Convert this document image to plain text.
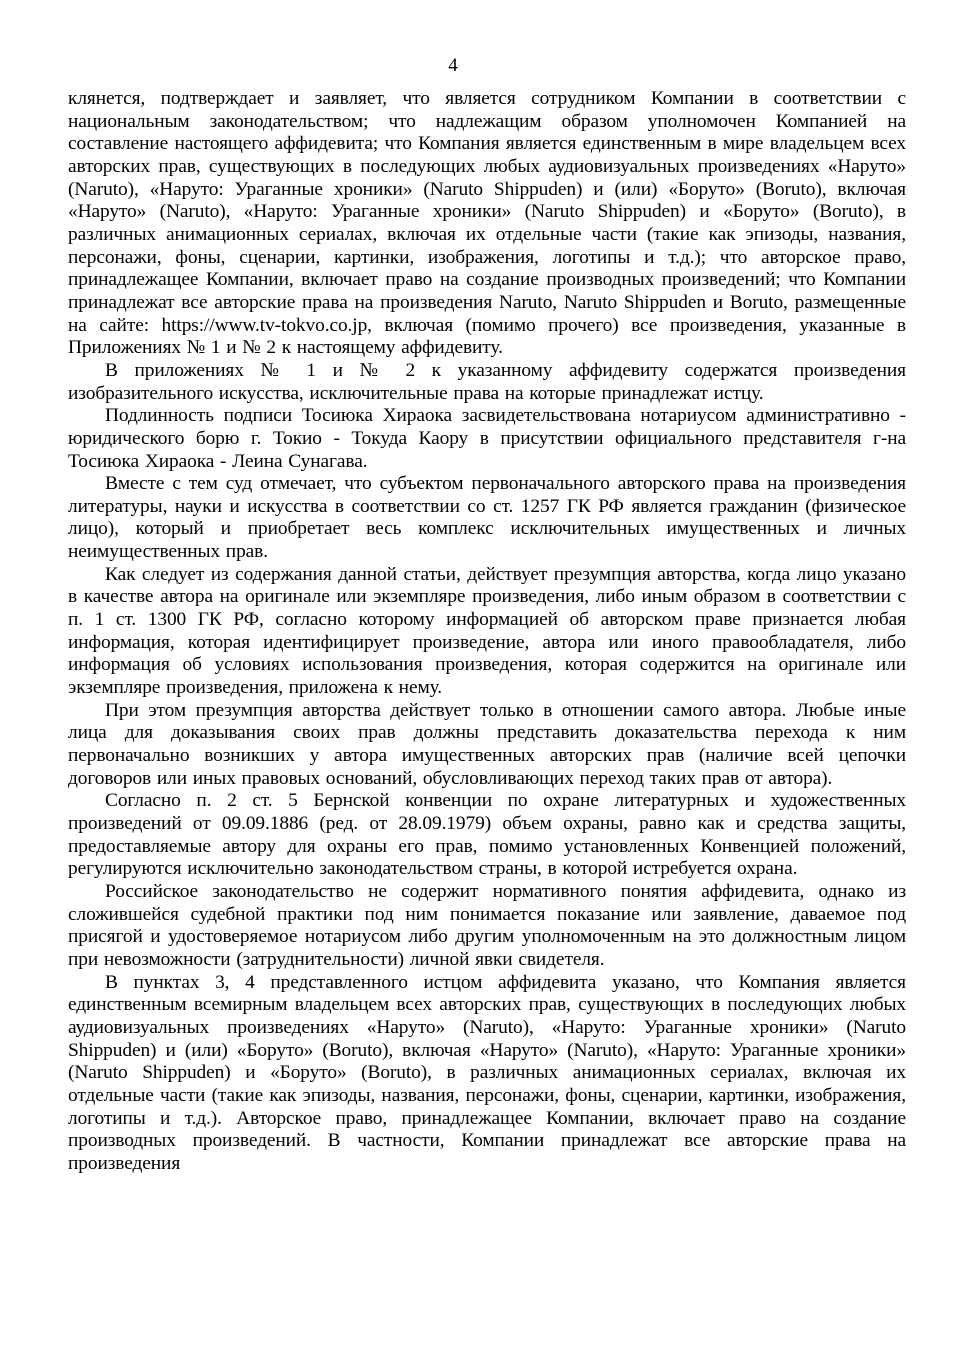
4

клянется, подтверждает и заявляет, что является сотрудником Компании в соответствии с национальным законодательством; что надлежащим образом уполномочен Компанией на составление настоящего аффидевита; что Компания является единственным в мире владельцем всех авторских прав, существующих в последующих любых аудиовизуальных произведениях «Наруто» (Naruto), «Наруто: Ураганные хроники» (Naruto Shippuden) и (или) «Боруто» (Boruto), включая «Наруто» (Naruto), «Наруто: Ураганные хроники» (Naruto Shippuden) и «Боруто» (Boruto), в различных анимационных сериалах, включая их отдельные части (такие как эпизоды, названия, персонажи, фоны, сценарии, картинки, изображения, логотипы и т.д.); что авторское право, принадлежащее Компании, включает право на создание производных произведений; что Компании принадлежат все авторские права на произведения Naruto, Naruto Shippuden и Boruto, размещенные на сайте: https://www.tv-tokvo.co.jp, включая (помимо прочего) все произведения, указанные в Приложениях № 1 и № 2 к настоящему аффидевиту.

В приложениях № 1 и № 2 к указанному аффидевиту содержатся произведения изобразительного искусства, исключительные права на которые принадлежат истцу.

Подлинность подписи Тосиюка Хираока засвидетельствована нотариусом административно - юридического борю г. Токио - Токуда Каору в присутствии официального представителя г-на Тосиюка Хираока - Леина Сунагава.

Вместе с тем суд отмечает, что субъектом первоначального авторского права на произведения литературы, науки и искусства в соответствии со ст. 1257 ГК РФ является гражданин (физическое лицо), который и приобретает весь комплекс исключительных имущественных и личных неимущественных прав.

Как следует из содержания данной статьи, действует презумпция авторства, когда лицо указано в качестве автора на оригинале или экземпляре произведения, либо иным образом в соответствии с п. 1 ст. 1300 ГК РФ, согласно которому информацией об авторском праве признается любая информация, которая идентифицирует произведение, автора или иного правообладателя, либо информация об условиях использования произведения, которая содержится на оригинале или экземпляре произведения, приложена к нему.

При этом презумпция авторства действует только в отношении самого автора. Любые иные лица для доказывания своих прав должны представить доказательства перехода к ним первоначально возникших у автора имущественных авторских прав (наличие всей цепочки договоров или иных правовых оснований, обусловливающих переход таких прав от автора).

Согласно п. 2 ст. 5 Бернской конвенции по охране литературных и художественных произведений от 09.09.1886 (ред. от 28.09.1979) объем охраны, равно как и средства защиты, предоставляемые автору для охраны его прав, помимо установленных Конвенцией положений, регулируются исключительно законодательством страны, в которой истребуется охрана.

Российское законодательство не содержит нормативного понятия аффидевита, однако из сложившейся судебной практики под ним понимается показание или заявление, даваемое под присягой и удостоверяемое нотариусом либо другим уполномоченным на это должностным лицом при невозможности (затруднительности) личной явки свидетеля.

В пунктах 3, 4 представленного истцом аффидевита указано, что Компания является единственным всемирным владельцем всех авторских прав, существующих в последующих любых аудиовизуальных произведениях «Наруто» (Naruto), «Наруто: Ураганные хроники» (Naruto Shippuden) и (или) «Боруто» (Boruto), включая «Наруто» (Naruto), «Наруто: Ураганные хроники» (Naruto Shippuden) и «Боруто» (Boruto), в различных анимационных сериалах, включая их отдельные части (такие как эпизоды, названия, персонажи, фоны, сценарии, картинки, изображения, логотипы и т.д.). Авторское право, принадлежащее Компании, включает право на создание производных произведений. В частности, Компании принадлежат все авторские права на произведения
